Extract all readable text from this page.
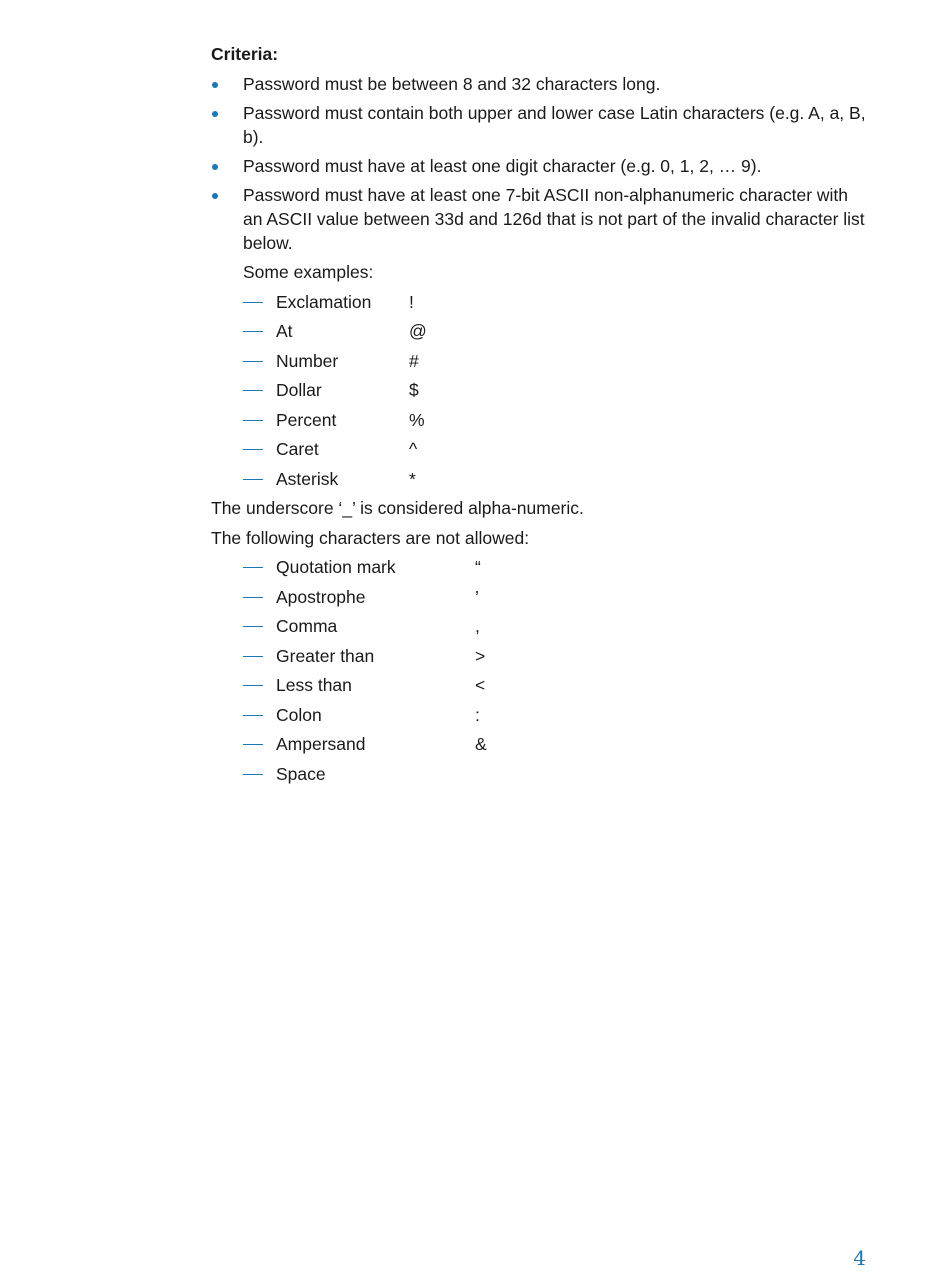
Criteria:
Password must be between 8 and 32 characters long.
Password must contain both upper and lower case Latin characters (e.g. A, a, B, b).
Password must have at least one digit character (e.g. 0, 1, 2, … 9).
Password must have at least one 7-bit ASCII non-alphanumeric character with an ASCII value between 33d and 126d that is not part of the invalid character list below.
Some examples:
Exclamation !
At	@
Number	#
Dollar	$
Percent	%
Caret	^
Asterisk	*
The underscore ‘_’ is considered alpha-numeric.
The following characters are not allowed:
Quotation mark	“
Apostrophe	’
Comma	,
Greater than	>
Less than	<
Colon	:
Ampersand	&
Space
4
